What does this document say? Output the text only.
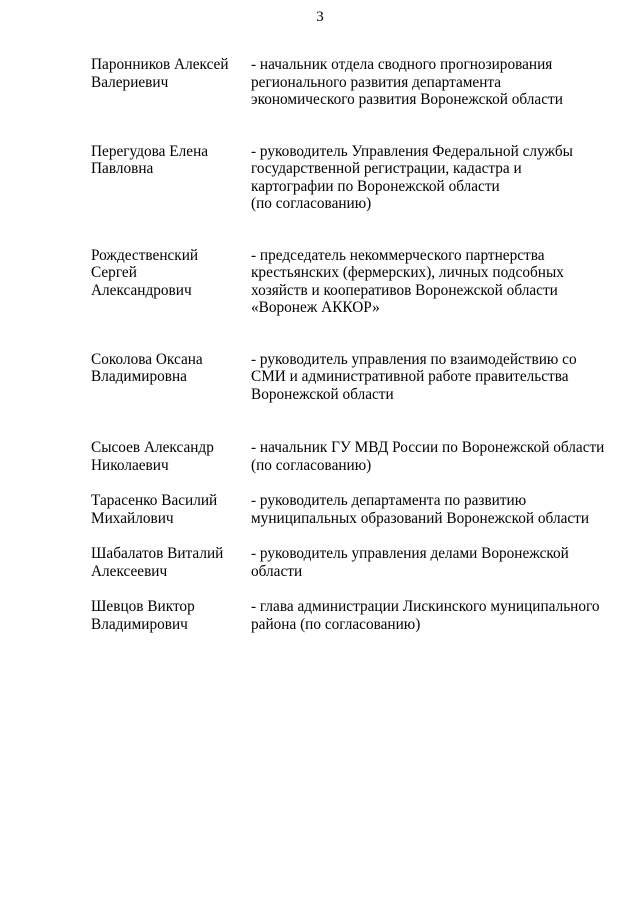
3
Паронников Алексей
Валериевич
- начальник отдела сводного прогнозирования
регионального развития департамента
экономического развития Воронежской области
Перегудова Елена
Павловна
- руководитель Управления Федеральной службы
государственной регистрации, кадастра и
картографии по Воронежской области
(по согласованию)
Рождественский
Сергей
Александрович
- председатель некоммерческого партнерства
крестьянских (фермерских), личных подсобных
хозяйств и кооперативов Воронежской области
«Воронеж АККОР»
Соколова Оксана
Владимировна
- руководитель управления по взаимодействию со
СМИ и административной работе правительства
Воронежской области
Сысоев Александр
Николаевич
- начальник ГУ МВД России по Воронежской области
(по согласованию)
Тарасенко Василий
Михайлович
- руководитель департамента по развитию
муниципальных образований Воронежской области
Шабалатов Виталий
Алексеевич
- руководитель управления делами Воронежской
области
Шевцов Виктор
Владимирович
- глава администрации Лискинского муниципального
района (по согласованию)
